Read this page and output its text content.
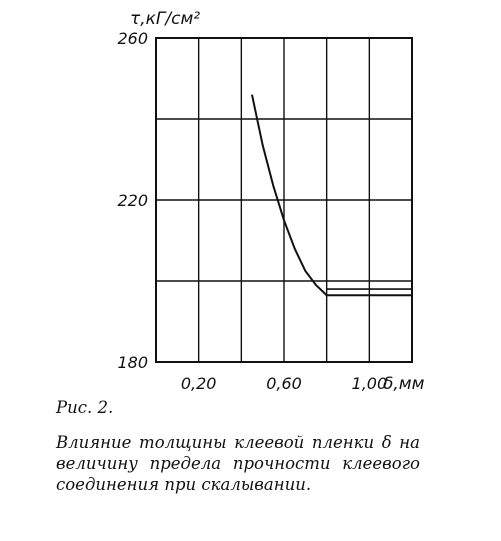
180
220
260
0,20	0,60	1,00
τ,кГ/см²
δ,мм
Рис. 2.
Влияние толщины клеевой пленки δ на величину предела прочности клеевого соединения при скалывании.
